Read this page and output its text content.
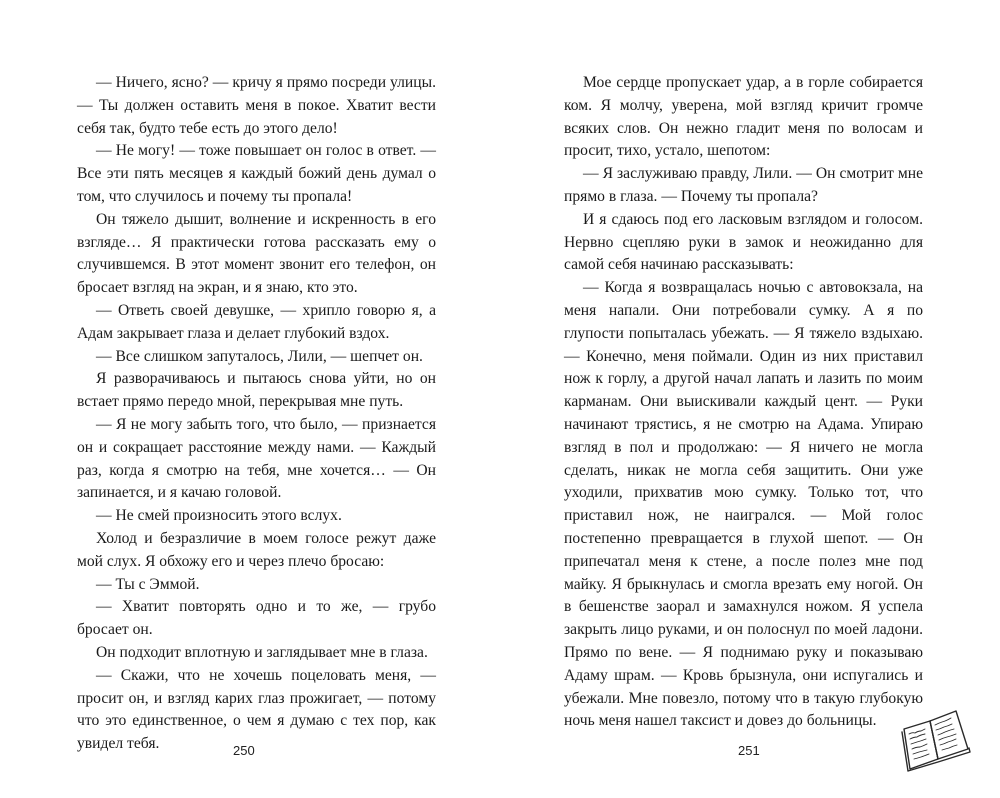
— Ничего, ясно? — кричу я прямо посреди улицы. — Ты должен оставить меня в покое. Хватит вести себя так, будто тебе есть до этого дело!

— Не могу! — тоже повышает он голос в ответ. — Все эти пять месяцев я каждый божий день думал о том, что случилось и почему ты пропала!

Он тяжело дышит, волнение и искренность в его взгляде… Я практически готова рассказать ему о случившемся. В этот момент звонит его телефон, он бросает взгляд на экран, и я знаю, кто это.

— Ответь своей девушке, — хрипло говорю я, а Адам закрывает глаза и делает глубокий вздох.

— Все слишком запуталось, Лили, — шепчет он.

Я разворачиваюсь и пытаюсь снова уйти, но он встает прямо передо мной, перекрывая мне путь.

— Я не могу забыть того, что было, — признается он и сокращает расстояние между нами. — Каждый раз, когда я смотрю на тебя, мне хочется… — Он запинается, и я качаю головой.

— Не смей произносить этого вслух.

Холод и безразличие в моем голосе режут даже мой слух. Я обхожу его и через плечо бросаю:

— Ты с Эммой.

— Хватит повторять одно и то же, — грубо бросает он.

Он подходит вплотную и заглядывает мне в глаза.

— Скажи, что не хочешь поцеловать меня, — просит он, и взгляд карих глаз прожигает, — потому что это единственное, о чем я думаю с тех пор, как увидел тебя.

Мое сердце пропускает удар, а в горле собирается ком. Я молчу, уверена, мой взгляд кричит громче всяких слов. Он нежно гладит меня по волосам и просит, тихо, устало, шепотом:

— Я заслуживаю правду, Лили. — Он смотрит мне прямо в глаза. — Почему ты пропала?

И я сдаюсь под его ласковым взглядом и голосом. Нервно сцепляю руки в замок и неожиданно для самой себя начинаю рассказывать:

— Когда я возвращалась ночью с автовокзала, на меня напали. Они потребовали сумку. А я по глупости попыталась убежать. — Я тяжело вздыхаю. — Конечно, меня поймали. Один из них приставил нож к горлу, а другой начал лапать и лазить по моим карманам. Они выискивали каждый цент. — Руки начинают трястись, я не смотрю на Адама. Упираю взгляд в пол и продолжаю: — Я ничего не могла сделать, никак не могла себя защитить. Они уже уходили, прихватив мою сумку. Только тот, что приставил нож, не наигрался. — Мой голос постепенно превращается в глухой шепот. — Он припечатал меня к стене, а после полез мне под майку. Я брыкнулась и смогла врезать ему ногой. Он в бешенстве заорал и замахнулся ножом. Я успела закрыть лицо руками, и он полоснул по моей ладони. Прямо по вене. — Я поднимаю руку и показываю Адаму шрам. — Кровь брызнула, они испугались и убежали. Мне повезло, потому что в такую глубокую ночь меня нашел таксист и довез до больницы.

250	251
